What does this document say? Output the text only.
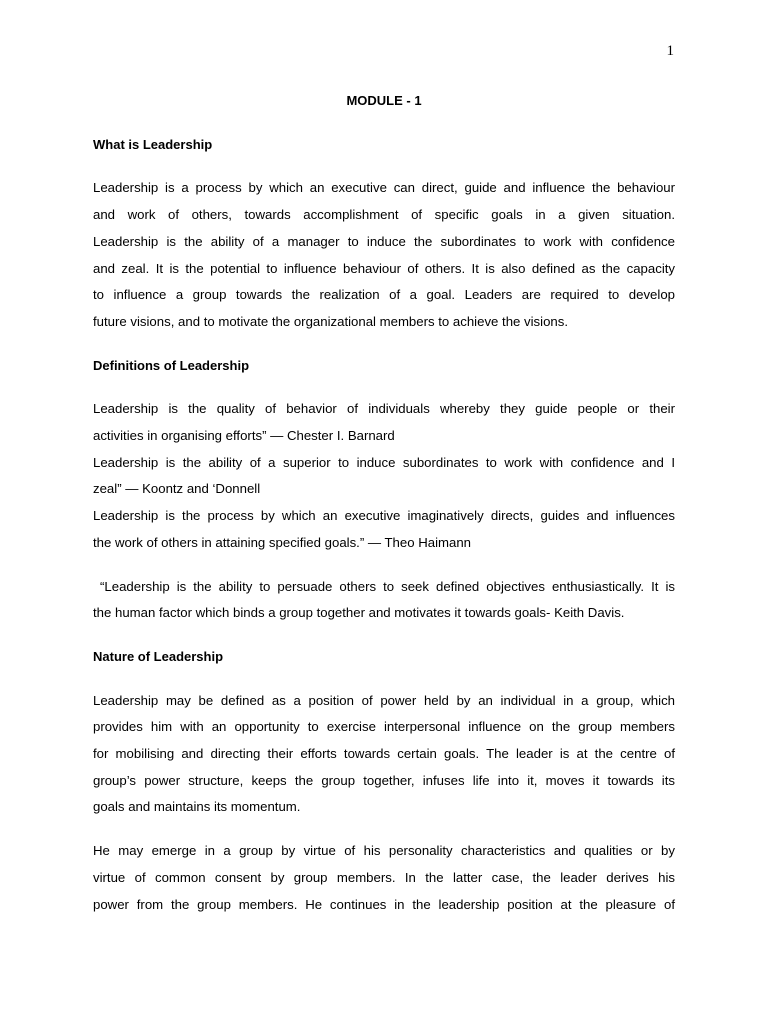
1

MODULE - 1

What is Leadership

Leadership is a process by which an executive can direct, guide and influence the behaviour
and work of others, towards accomplishment of specific goals in a given situation.
Leadership is the ability of a manager to induce the subordinates to work with confidence
and zeal. It is the potential to influence behaviour of others. It is also defined as the capacity
to influence a group towards the realization of a goal. Leaders are required to develop
future visions, and to motivate the organizational members to achieve the visions.

Definitions of Leadership

Leadership is the quality of behavior of individuals whereby they guide people or their
activities in organising efforts” — Chester I. Barnard
Leadership is the ability of a superior to induce subordinates to work with confidence and I
zeal” — Koontz and ‘Donnell
Leadership is the process by which an executive imaginatively directs, guides and influences
the work of others in attaining specified goals.” — Theo Haimann
“Leadership is the ability to persuade others to seek defined objectives enthusiastically. It is
the human factor which binds a group together and motivates it towards goals- Keith Davis.

Nature of Leadership

Leadership may be defined as a position of power held by an individual in a group, which
provides him with an opportunity to exercise interpersonal influence on the group members
for mobilising and directing their efforts towards certain goals. The leader is at the centre of
group’s power structure, keeps the group together, infuses life into it, moves it towards its
goals and maintains its momentum.
He may emerge in a group by virtue of his personality characteristics and qualities or by
virtue of common consent by group members. In the latter case, the leader derives his
power from the group members. He continues in the leadership position at the pleasure of
